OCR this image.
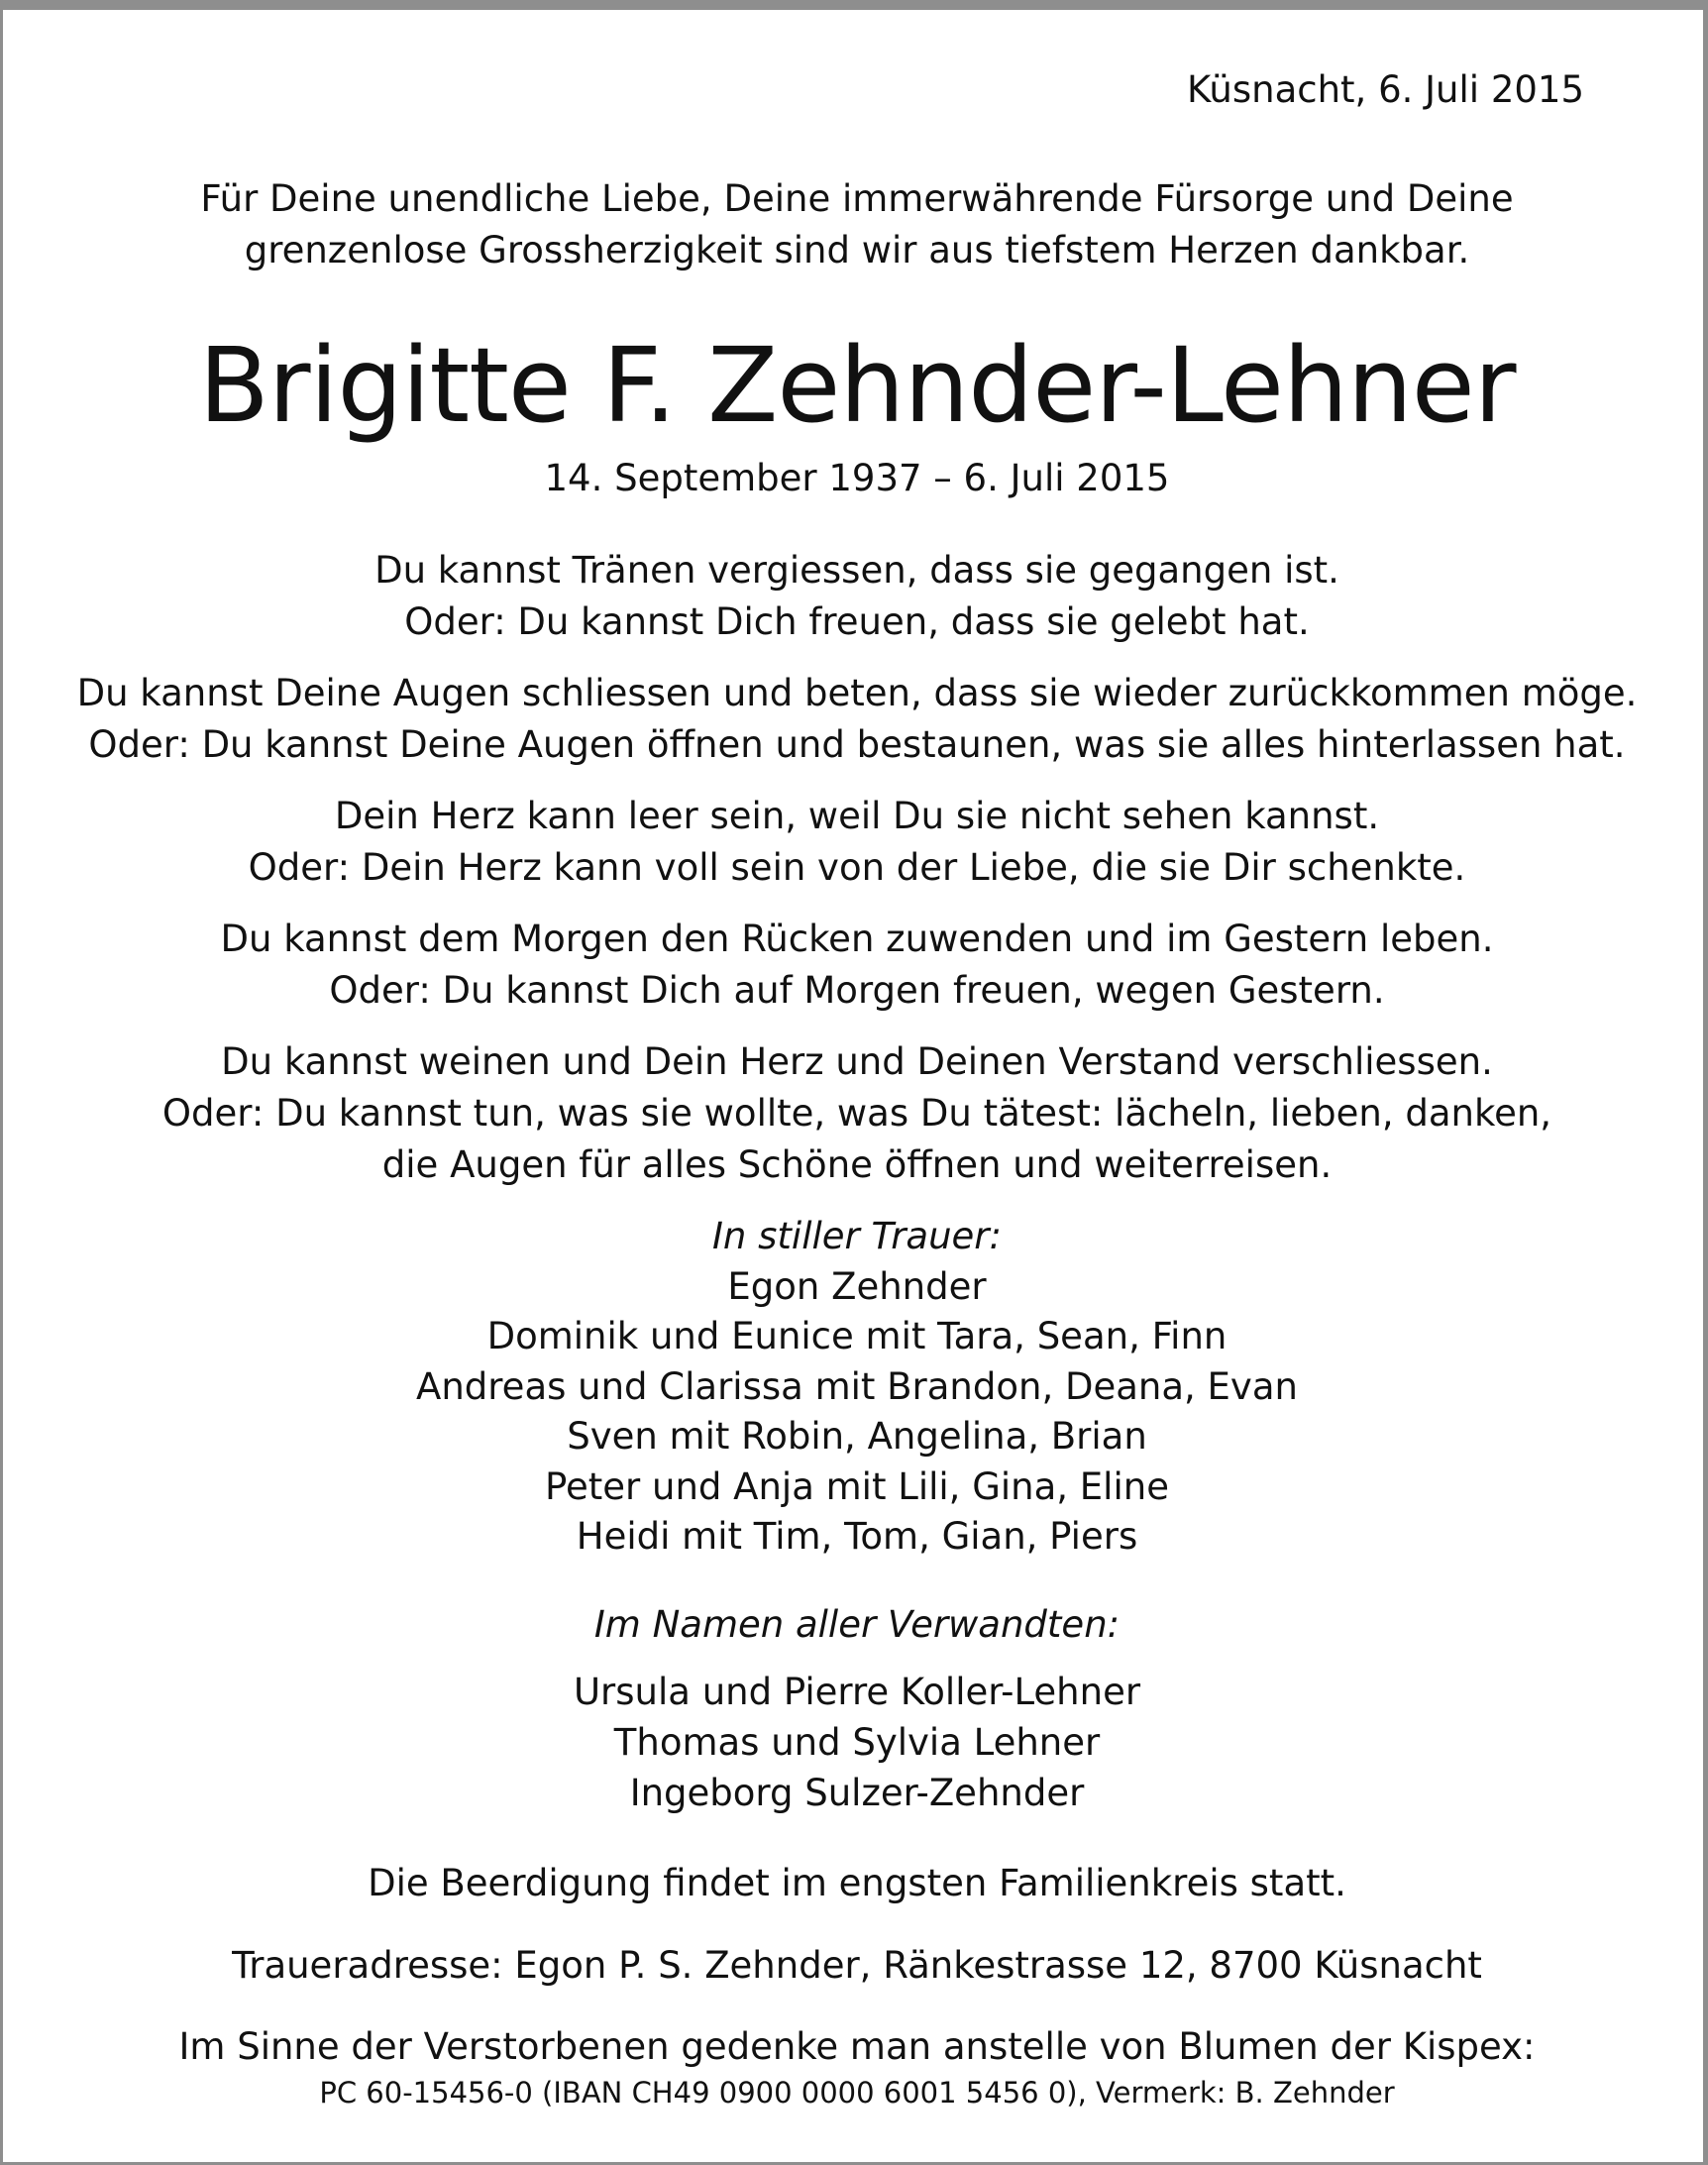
Küsnacht, 6. Juli 2015
Für Deine unendliche Liebe, Deine immerwährende Fürsorge und Deine
grenzenlose Grossherzigkeit sind wir aus tiefstem Herzen dankbar.
Brigitte F. Zehnder-Lehner
14. September 1937 – 6. Juli 2015
Du kannst Tränen vergiessen, dass sie gegangen ist.
Oder: Du kannst Dich freuen, dass sie gelebt hat.
Du kannst Deine Augen schliessen und beten, dass sie wieder zurückkommen möge.
Oder: Du kannst Deine Augen öffnen und bestaunen, was sie alles hinterlassen hat.
Dein Herz kann leer sein, weil Du sie nicht sehen kannst.
Oder: Dein Herz kann voll sein von der Liebe, die sie Dir schenkte.
Du kannst dem Morgen den Rücken zuwenden und im Gestern leben.
Oder: Du kannst Dich auf Morgen freuen, wegen Gestern.
Du kannst weinen und Dein Herz und Deinen Verstand verschliessen.
Oder: Du kannst tun, was sie wollte, was Du tätest: lächeln, lieben, danken,
die Augen für alles Schöne öffnen und weiterreisen.
In stiller Trauer:
Egon Zehnder
Dominik und Eunice mit Tara, Sean, Finn
Andreas und Clarissa mit Brandon, Deana, Evan
Sven mit Robin, Angelina, Brian
Peter und Anja mit Lili, Gina, Eline
Heidi mit Tim, Tom, Gian, Piers
Im Namen aller Verwandten:
Ursula und Pierre Koller-Lehner
Thomas und Sylvia Lehner
Ingeborg Sulzer-Zehnder
Die Beerdigung findet im engsten Familienkreis statt.
Traueradresse: Egon P. S. Zehnder, Ränkestrasse 12, 8700 Küsnacht
Im Sinne der Verstorbenen gedenke man anstelle von Blumen der Kispex:
PC 60-15456-0 (IBAN CH49 0900 0000 6001 5456 0), Vermerk: B. Zehnder
